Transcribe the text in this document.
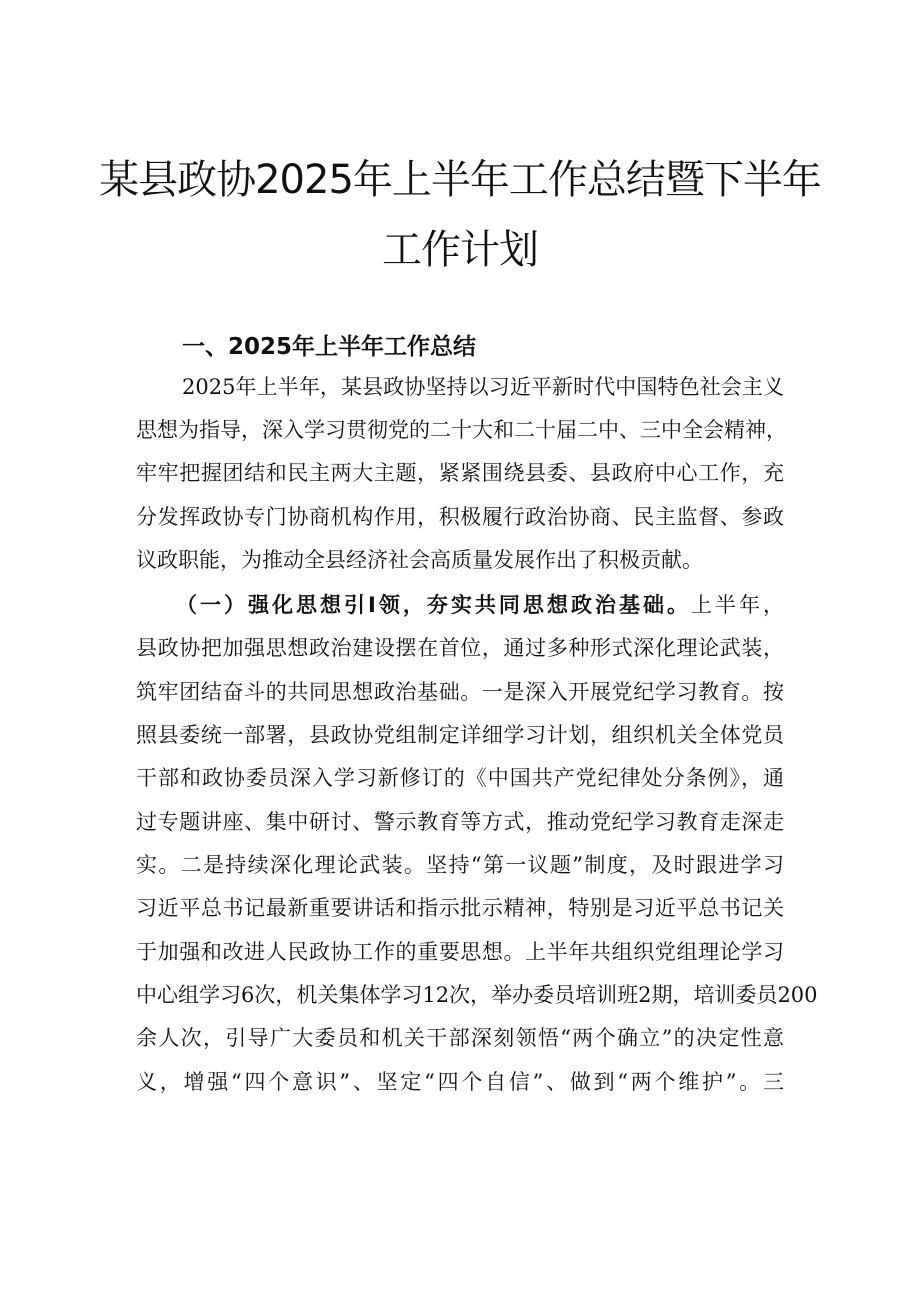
某县政协2025年上半年工作总结暨下半年
工作计划
一、2025年上半年工作总结

2025年上半年，某县政协坚持以习近平新时代中国特色社会主义

思想为指导，深入学习贯彻党的二十大和二十届二中、三中全会精神，

牢牢把握团结和民主两大主题，紧紧围绕县委、县政府中心工作，充

分发挥政协专门协商机构作用，积极履行政治协商、民主监督、参政

议政职能，为推动全县经济社会高质量发展作出了积极贡献。

（一）强化思想引I领，夯实共同思想政治基础。上半年，

县政协把加强思想政治建设摆在首位，通过多种形式深化理论武装，

筑牢团结奋斗的共同思想政治基础。一是深入开展党纪学习教育。按

照县委统一部署，县政协党组制定详细学习计划，组织机关全体党员

干部和政协委员深入学习新修订的《中国共产党纪律处分条例》，通

过专题讲座、集中研讨、警示教育等方式，推动党纪学习教育走深走

实。二是持续深化理论武装。坚持“第一议题”制度，及时跟进学习

习近平总书记最新重要讲话和指示批示精神，特别是习近平总书记关

于加强和改进人民政协工作的重要思想。上半年共组织党组理论学习

中心组学习6次，机关集体学习12次，举办委员培训班2期，培训委员200

余人次，引导广大委员和机关干部深刻领悟“两个确立”的决定性意

义，增强“四个意识”、坚定“四个自信”、做到“两个维护”。三
